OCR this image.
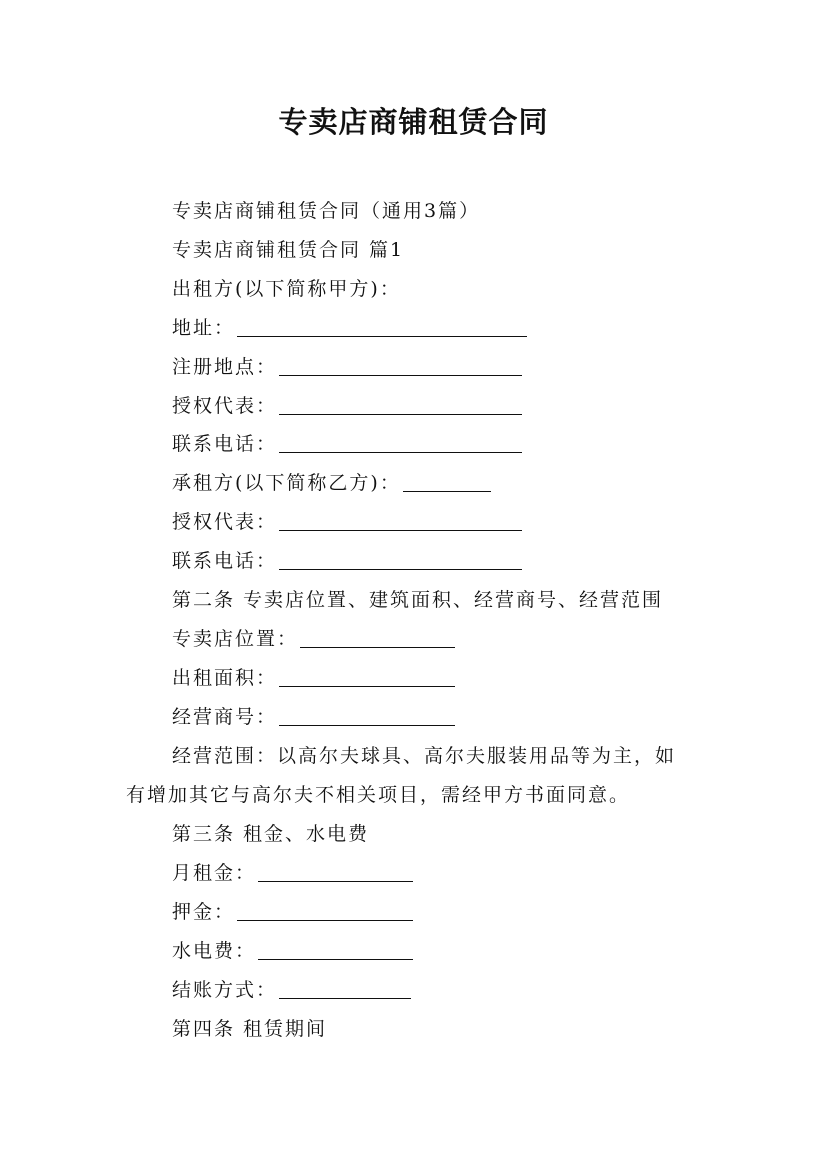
专卖店商铺租赁合同
专卖店商铺租赁合同（通用3篇）
专卖店商铺租赁合同 篇1
出租方(以下简称甲方)：
地址：
注册地点：
授权代表：
联系电话：
承租方(以下简称乙方)：
授权代表：
联系电话：
第二条 专卖店位置、建筑面积、经营商号、经营范围
专卖店位置：
出租面积：
经营商号：
经营范围：以高尔夫球具、高尔夫服装用品等为主，如
有增加其它与高尔夫不相关项目，需经甲方书面同意。
第三条 租金、水电费
月租金：
押金：
水电费：
结账方式：
第四条 租赁期间
